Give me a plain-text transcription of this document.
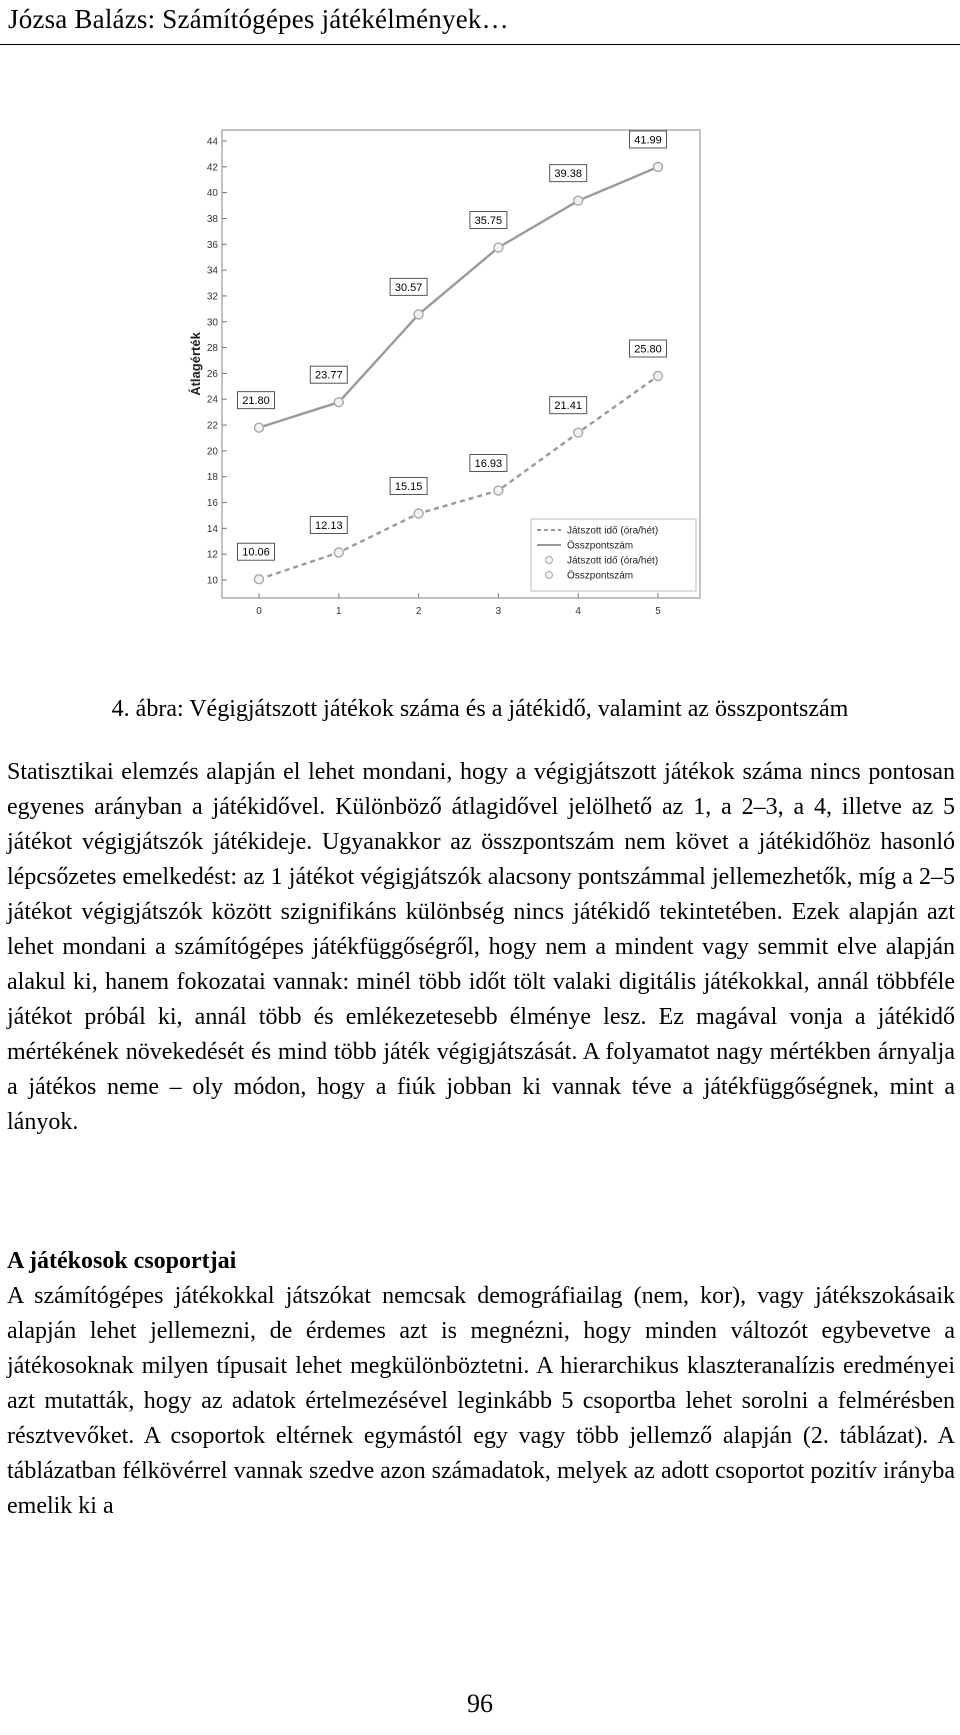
Józsa Balázs: Számítógépes játékélmények…
10
12
14
16
18
20
22
24
26
28
30
32
34
36
38
40
42
44
0	1	2	3	4	5
Átlagérték
21.80
23.77
30.57
35.75
39.38
41.99
10.06
12.13
15.15
16.93
21.41
25.80
Játszott idő (óra/hét)
Összpontszám
Játszott idő (óra/hét)
Összpontszám
4. ábra: Végigjátszott játékok száma és a játékidő, valamint az összpontszám

Statisztikai elemzés alapján el lehet mondani, hogy a végigjátszott játékok száma nincs pontosan egyenes arányban a játékidővel. Különböző átlagidővel jelölhető az 1, a 2–3, a 4, illetve az 5 játékot végigjátszók játékideje. Ugyanakkor az összpontszám nem követ a játékidőhöz hasonló lépcsőzetes emelkedést: az 1 játékot végigjátszók alacsony pontszámmal jellemezhetők, míg a 2–5 játékot végigjátszók között szignifikáns különbség nincs játékidő tekintetében. Ezek alapján azt lehet mondani a számítógépes játékfüggőségről, hogy nem a mindent vagy semmit elve alapján alakul ki, hanem fokozatai vannak: minél több időt tölt valaki digitális játékokkal, annál többféle játékot próbál ki, annál több és emlékezetesebb élménye lesz. Ez magával vonja a játékidő mértékének növekedését és mind több játék végigjátszását. A folyamatot nagy mértékben árnyalja a játékos neme – oly módon, hogy a fiúk jobban ki vannak téve a játékfüggőségnek, mint a lányok.

A játékosok csoportjai

A számítógépes játékokkal játszókat nemcsak demográfiailag (nem, kor), vagy játékszokásaik alapján lehet jellemezni, de érdemes azt is megnézni, hogy minden változót egybevetve a játékosoknak milyen típusait lehet megkülönböztetni. A hierarchikus klaszteranalízis eredményei azt mutatták, hogy az adatok értelmezésével leginkább 5 csoportba lehet sorolni a felmérésben résztvevőket. A csoportok eltérnek egymástól egy vagy több jellemző alapján (2. táblázat). A táblázatban félkövérrel vannak szedve azon számadatok, melyek az adott csoportot pozitív irányba emelik ki a

96
